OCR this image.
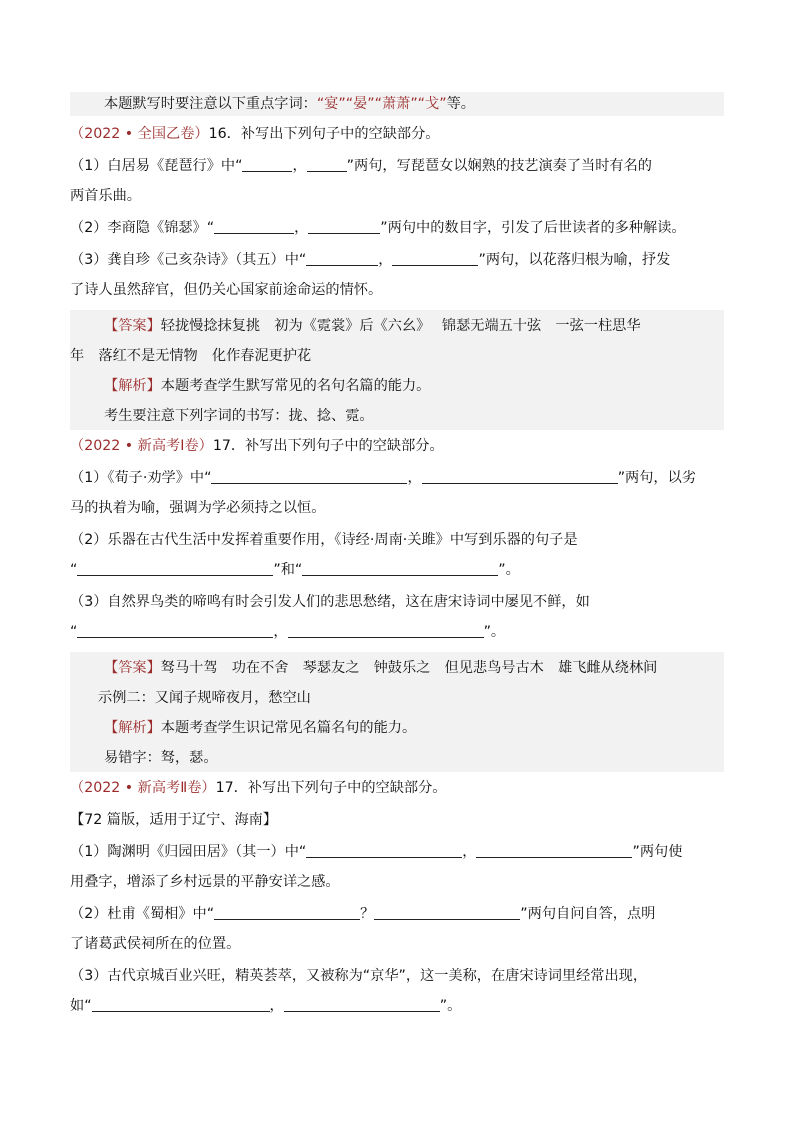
本题默写时要注意以下重点字词：“宴”“晏”“萧萧”“戈”等。
（2022 • 全国乙卷）16．补写出下列句子中的空缺部分。
（1）白居易《琵琶行》中“	，	”两句，写琵琶女以娴熟的技艺演奏了当时有名的
两首乐曲。
（2）李商隐《锦瑟》“	，	”两句中的数目字，引发了后世读者的多种解读。
（3）龚自珍《己亥杂诗》（其五）中“	，	”两句，以花落归根为喻，抒发
了诗人虽然辞官，但仍关心国家前途命运的情怀。
【答案】轻拢慢捻抹复挑　初为《霓裳》后《六幺》　 锦瑟无端五十弦　一弦一柱思华
年　落红不是无情物　化作春泥更护花
【解析】本题考查学生默写常见的名句名篇的能力。
考生要注意下列字词的书写：拢、捻、霓。
（2022 • 新高考Ⅰ卷）17．补写出下列句子中的空缺部分。
（1）《荀子·劝学》中“	，	”两句，以劣
马的执着为喻，强调为学必须持之以恒。
（2）乐器在古代生活中发挥着重要作用，《诗经·周南·关雎》中写到乐器的句子是
“	”和“	”。
（3）自然界鸟类的啼鸣有时会引发人们的悲思愁绪，这在唐宋诗词中屡见不鲜，如
“	，	”。
【答案】驽马十驾　功在不舍　琴瑟友之　钟鼓乐之　但见悲鸟号古木　雄飞雌从绕林间
示例二：又闻子规啼夜月，愁空山
【解析】本题考查学生识记常见名篇名句的能力。
易错字：驽，瑟。
（2022 • 新高考Ⅱ卷）17．补写出下列句子中的空缺部分。
【72 篇版，适用于辽宁、海南】
（1）陶渊明《归园田居》（其一）中“	，	”两句使
用叠字，增添了乡村远景的平静安详之感。
（2）杜甫《蜀相》中“	？	”两句自问自答，点明
了诸葛武侯祠所在的位置。
（3）古代京城百业兴旺，精英荟萃，又被称为“京华”，这一美称，在唐宋诗词里经常出现，
如“	，	”。
